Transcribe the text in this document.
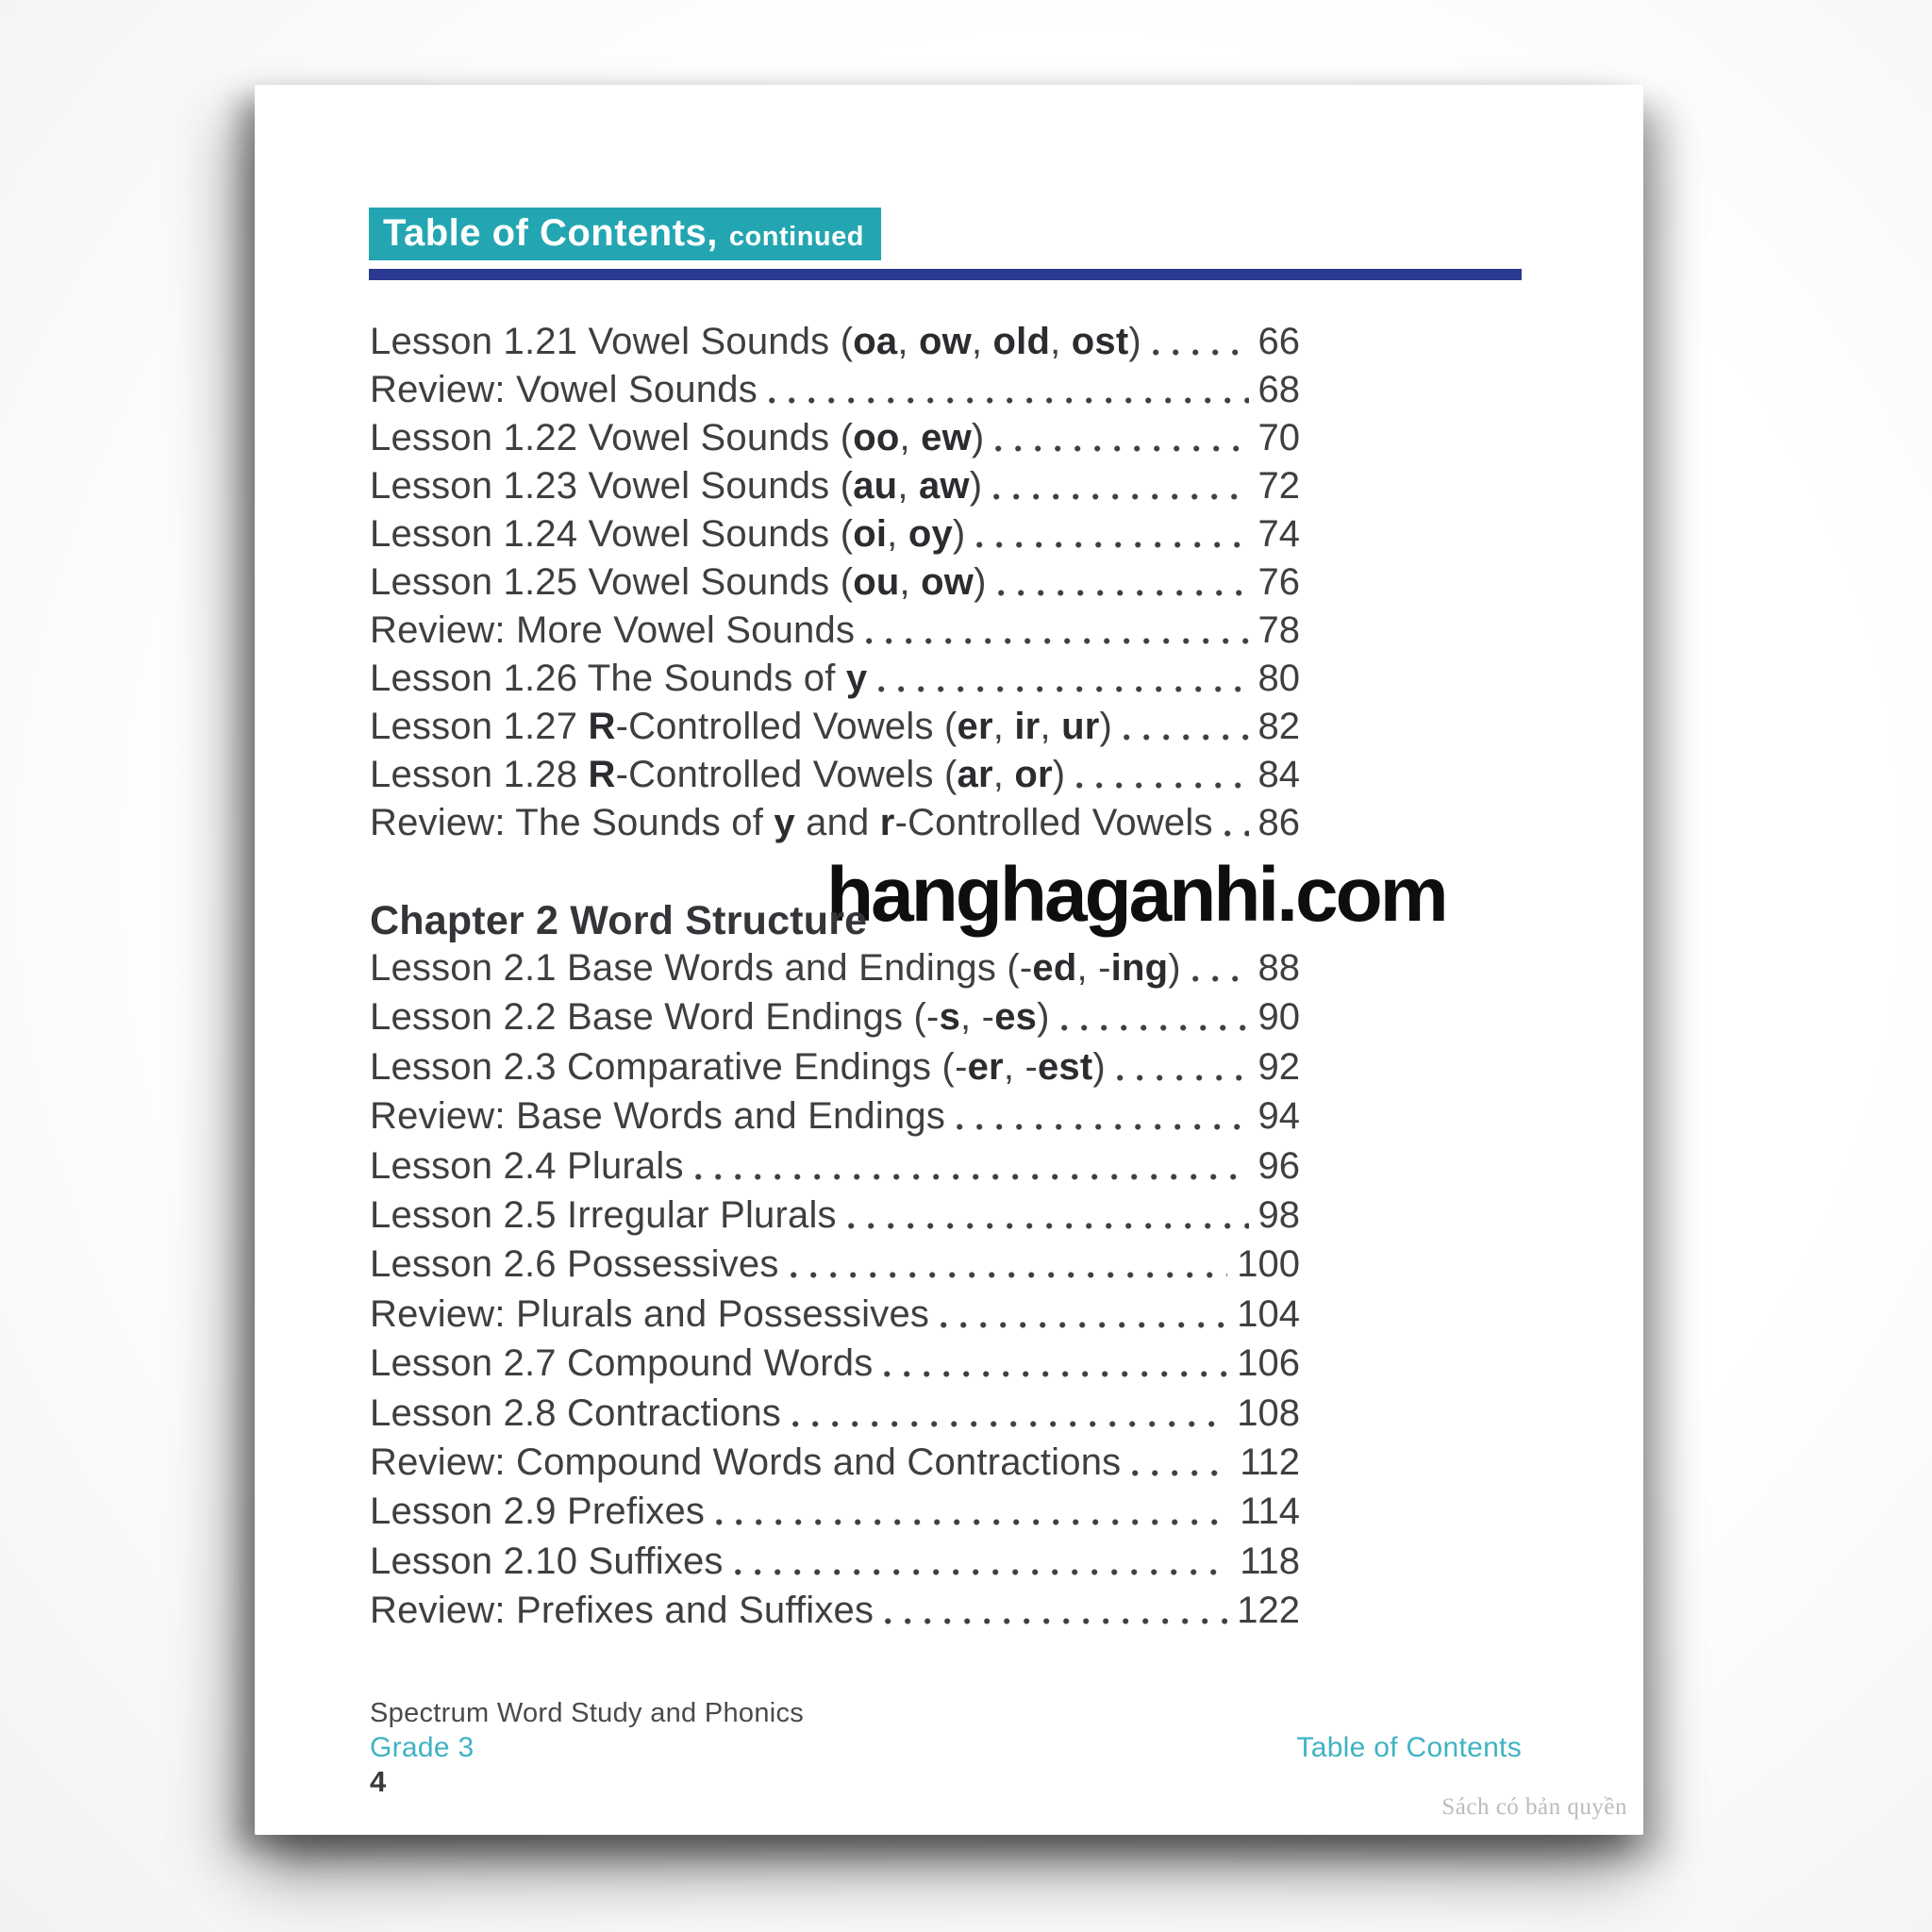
Table of Contents, continued
Lesson 1.21 Vowel Sounds (oa, ow, old, ost)	66
Review: Vowel Sounds	68
Lesson 1.22 Vowel Sounds (oo, ew)	70
Lesson 1.23 Vowel Sounds (au, aw)	72
Lesson 1.24 Vowel Sounds (oi, oy)	74
Lesson 1.25 Vowel Sounds (ou, ow)	76
Review: More Vowel Sounds	78
Lesson 1.26 The Sounds of y	80
Lesson 1.27 R-Controlled Vowels (er, ir, ur)	82
Lesson 1.28 R-Controlled Vowels (ar, or)	84
Review: The Sounds of y and r-Controlled Vowels 86
hanghaganhi.com
Chapter 2 Word Structure
Lesson 2.1 Base Words and Endings (-ed, -ing) 88
Lesson 2.2 Base Word Endings (-s, -es)	90
Lesson 2.3 Comparative Endings (-er, -est)	92
Review: Base Words and Endings	94
Lesson 2.4 Plurals	96
Lesson 2.5 Irregular Plurals	98
Lesson 2.6 Possessives	100
Review: Plurals and Possessives	104
Lesson 2.7 Compound Words	106
Lesson 2.8 Contractions	108
Review: Compound Words and Contractions	112
Lesson 2.9 Prefixes	114
Lesson 2.10 Suffixes	118
Review: Prefixes and Suffixes	122
Spectrum Word Study and Phonics
Grade 3
4
Table of Contents
Sách có bản quyền
